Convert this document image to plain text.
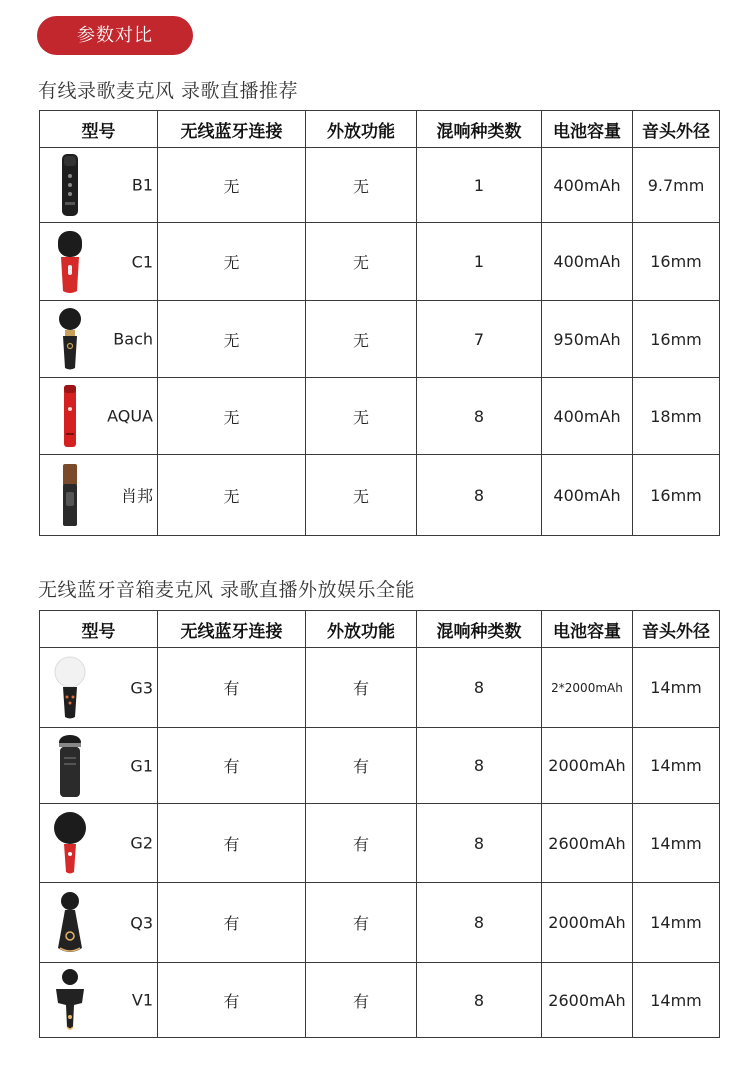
参数对比
有线录歌麦克风 录歌直播推荐
型号	无线蓝牙连接	外放功能	混响种类数	电池容量	音头外径

B1	无	无	1	400mAh	9.7mm

C1	无	无	1	400mAh	16mm

Bach	无	无	7	950mAh	16mm

AQUA	无	无	8	400mAh	18mm

肖邦	无	无	8	400mAh	16mm
无线蓝牙音箱麦克风 录歌直播外放娱乐全能
型号	无线蓝牙连接	外放功能	混响种类数	电池容量	音头外径

G3	有	有	8	2*2000mAh	14mm

G1	有	有	8	2000mAh	14mm

G2	有	有	8	2600mAh	14mm

Q3	有	有	8	2000mAh	14mm

V1	有	有	8	2600mAh	14mm
